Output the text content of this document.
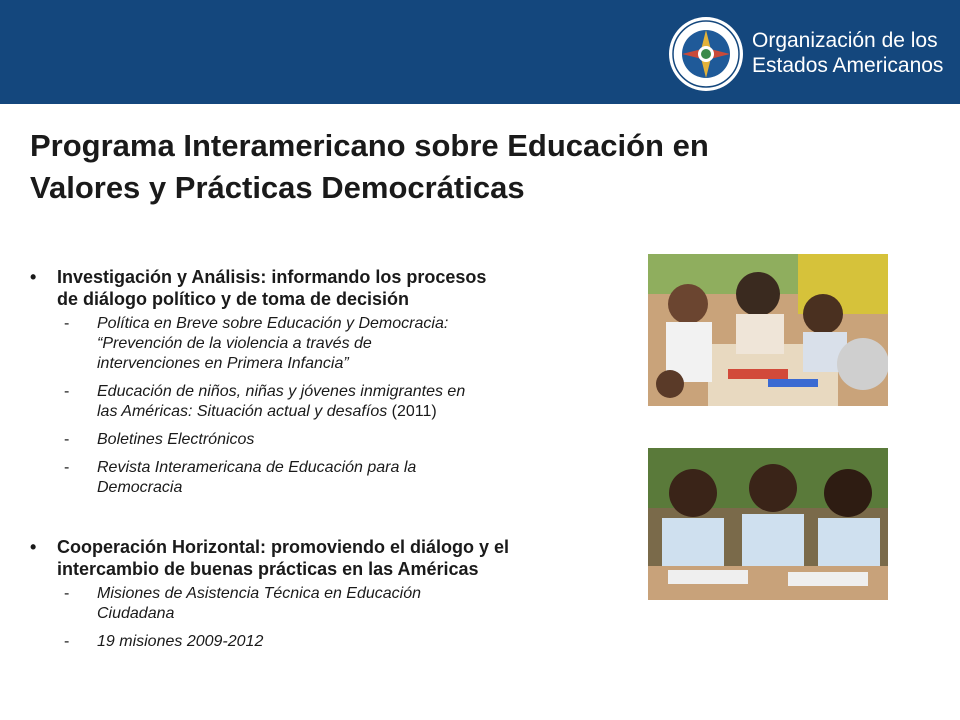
Organización de los
Estados Americanos
Programa Interamericano sobre Educación en
Valores y Prácticas Democráticas
• Investigación y Análisis: informando los procesos
de diálogo político y de toma de decisión
- Política en Breve sobre Educación y Democracia:
“Prevención de la violencia a través de
intervenciones en Primera Infancia”
- Educación de niños, niñas y jóvenes inmigrantes en
las Américas: Situación actual y desafíos (2011)
- Boletines Electrónicos
- Revista Interamericana de Educación para la
Democracia
• Cooperación Horizontal: promoviendo el diálogo y el
intercambio de buenas prácticas en las Américas
- Misiones de Asistencia Técnica en Educación
Ciudadana
- 19 misiones 2009-2012
